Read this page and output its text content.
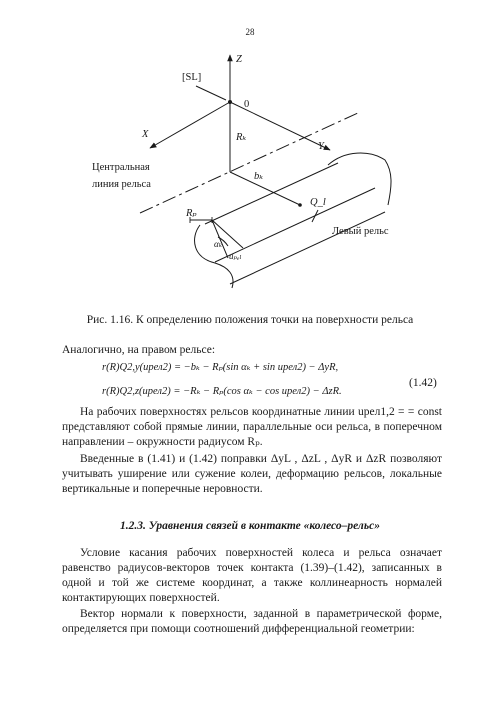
28
[SL]
Z
X
Y
0
Rₖ
bₖ
Центральная
линия рельса
Rₚ
Q_l
Левый рельс
αₖ
uₚₑₗ
Рис. 1.16. К определению положения точки на поверхности рельса
Аналогично, на правом рельсе:
r(R)Q2,y(uрел2) = −bₖ − Rₚ(sin αₖ + sin uрел2) − ΔyR,
r(R)Q2,z(uрел2) = −Rₖ − Rₚ(cos αₖ − cos uрел2) − ΔzR.
(1.42)
На рабочих поверхностях рельсов координатные линии uрел1,2 = = const представляют собой прямые линии, параллельные оси рельса, в поперечном направлении – окружности радиусом Rₚ.
Введенные в (1.41) и (1.42) поправки ΔyL , ΔzL , ΔyR и ΔzR позволяют учитывать уширение или сужение колеи, деформацию рельсов, локальные вертикальные и поперечные неровности.
1.2.3. Уравнения связей в контакте «колесо–рельс»
Условие касания рабочих поверхностей колеса и рельса означает равенство радиусов-векторов точек контакта (1.39)–(1.42), записанных в одной и той же системе координат, а также коллинеарность нормалей контактирующих поверхностей.
Вектор нормали к поверхности, заданной в параметрической форме, определяется при помощи соотношений дифференциальной геометрии:
